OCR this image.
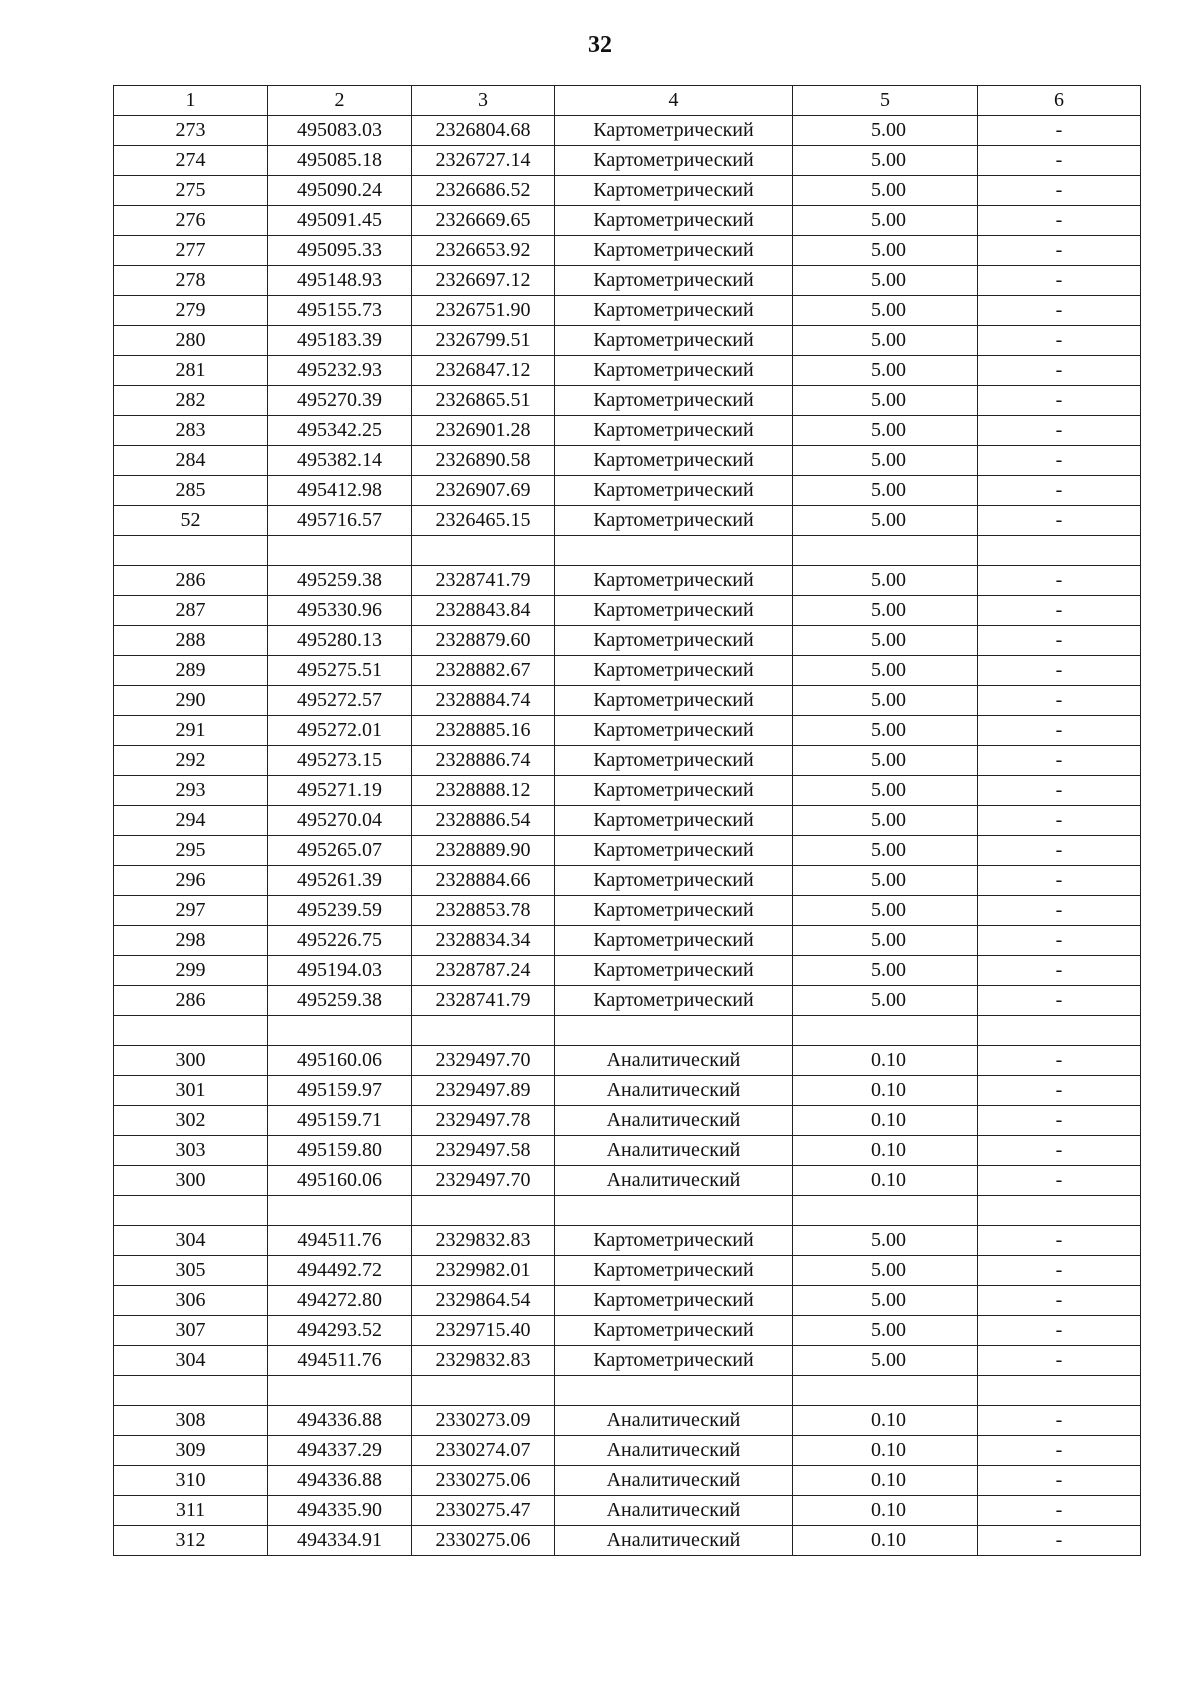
32
1	2	3	4	5	6
273	495083.03	2326804.68	Картометрический	5.00	-
274	495085.18	2326727.14	Картометрический	5.00	-
275	495090.24	2326686.52	Картометрический	5.00	-
276	495091.45	2326669.65	Картометрический	5.00	-
277	495095.33	2326653.92	Картометрический	5.00	-
278	495148.93	2326697.12	Картометрический	5.00	-
279	495155.73	2326751.90	Картометрический	5.00	-
280	495183.39	2326799.51	Картометрический	5.00	-
281	495232.93	2326847.12	Картометрический	5.00	-
282	495270.39	2326865.51	Картометрический	5.00	-
283	495342.25	2326901.28	Картометрический	5.00	-
284	495382.14	2326890.58	Картометрический	5.00	-
285	495412.98	2326907.69	Картометрический	5.00	-
52	495716.57	2326465.15	Картометрический	5.00	-

286	495259.38	2328741.79	Картометрический	5.00	-
287	495330.96	2328843.84	Картометрический	5.00	-
288	495280.13	2328879.60	Картометрический	5.00	-
289	495275.51	2328882.67	Картометрический	5.00	-
290	495272.57	2328884.74	Картометрический	5.00	-
291	495272.01	2328885.16	Картометрический	5.00	-
292	495273.15	2328886.74	Картометрический	5.00	-
293	495271.19	2328888.12	Картометрический	5.00	-
294	495270.04	2328886.54	Картометрический	5.00	-
295	495265.07	2328889.90	Картометрический	5.00	-
296	495261.39	2328884.66	Картометрический	5.00	-
297	495239.59	2328853.78	Картометрический	5.00	-
298	495226.75	2328834.34	Картометрический	5.00	-
299	495194.03	2328787.24	Картометрический	5.00	-
286	495259.38	2328741.79	Картометрический	5.00	-

300	495160.06	2329497.70	Аналитический	0.10	-
301	495159.97	2329497.89	Аналитический	0.10	-
302	495159.71	2329497.78	Аналитический	0.10	-
303	495159.80	2329497.58	Аналитический	0.10	-
300	495160.06	2329497.70	Аналитический	0.10	-

304	494511.76	2329832.83	Картометрический	5.00	-
305	494492.72	2329982.01	Картометрический	5.00	-
306	494272.80	2329864.54	Картометрический	5.00	-
307	494293.52	2329715.40	Картометрический	5.00	-
304	494511.76	2329832.83	Картометрический	5.00	-

308	494336.88	2330273.09	Аналитический	0.10	-
309	494337.29	2330274.07	Аналитический	0.10	-
310	494336.88	2330275.06	Аналитический	0.10	-
311	494335.90	2330275.47	Аналитический	0.10	-
312	494334.91	2330275.06	Аналитический	0.10	-
